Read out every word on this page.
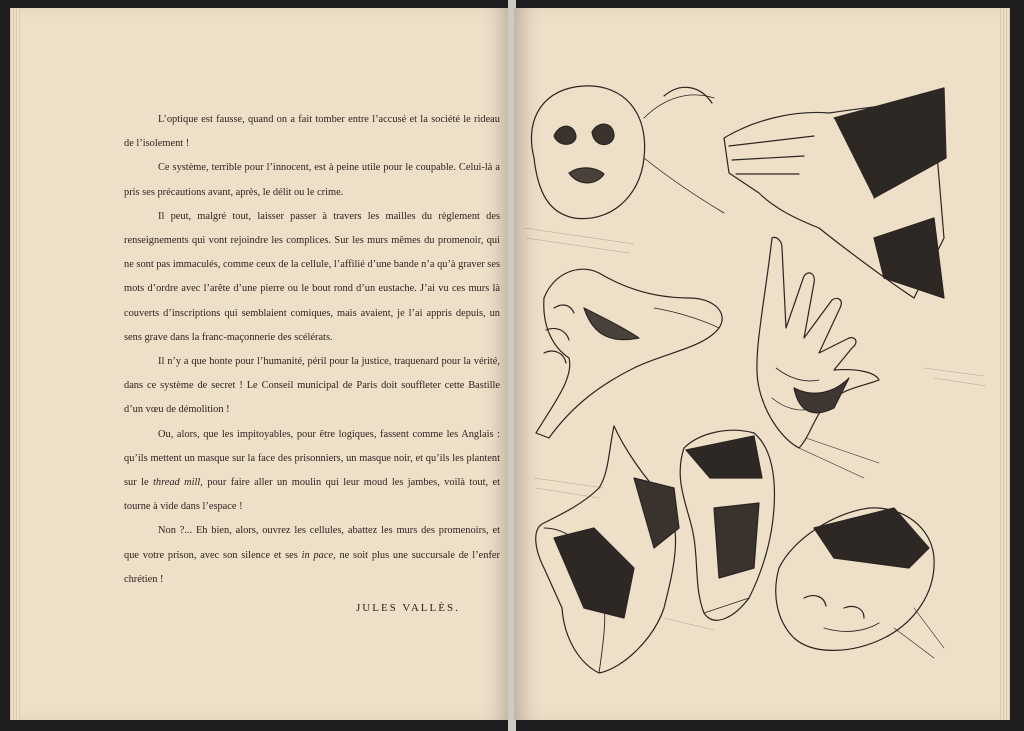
L’optique est fausse, quand on a fait tomber entre l’accusé et la société le rideau de l’isolement !

Ce système, terrible pour l’innocent, est à peine utile pour le coupable. Celui-là a pris ses précautions avant, après, le délit ou le crime.

Il peut, malgré tout, laisser passer à travers les mailles du règlement des renseignements qui vont rejoindre les complices. Sur les murs mêmes du promenoir, qui ne sont pas immaculés, comme ceux de la cellule, l’affilié d’une bande n’a qu’à graver ses mots d’ordre avec l’arête d’une pierre ou le bout rond d’un eustache. J’ai vu ces murs là couverts d’inscriptions qui semblaient comiques, mais avaient, je l’ai appris depuis, un sens grave dans la franc-maçonnerie des scélérats.

Il n’y a que honte pour l’humanité, péril pour la justice, traquenard pour la vérité, dans ce système de secret ! Le Conseil municipal de Paris doit souffleter cette Bastille d’un vœu de démolition !

Ou, alors, que les impitoyables, pour être logiques, fassent comme les Anglais : qu’ils mettent un masque sur la face des prisonniers, un masque noir, et qu’ils les plantent sur le thread mill, pour faire aller un moulin qui leur moud les jambes, voilà tout, et tourne à vide dans l’espace !

Non ?... Eh bien, alors, ouvrez les cellules, abattez les murs des promenoirs, et que votre prison, avec son silence et ses in pace, ne soit plus une succursale de l’enfer chrétien !

JULES VALLÈS.
